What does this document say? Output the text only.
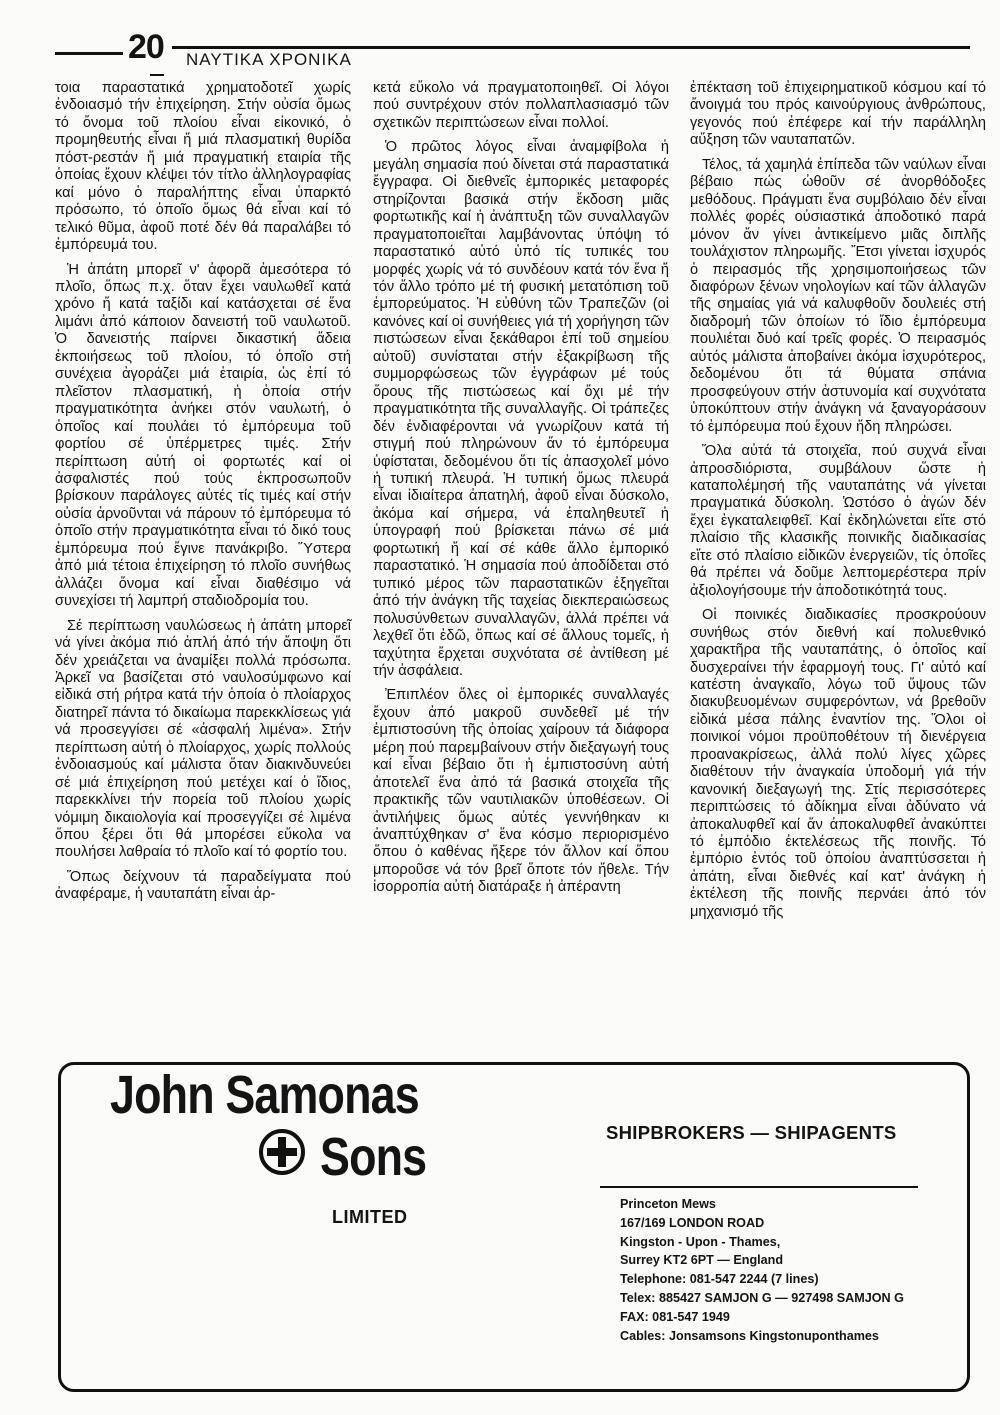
20 ΝΑΥΤΙΚΑ ΧΡΟΝΙΚΑ

τοια παραστατικά χρηματοδοτεῖ χωρίς ἐνδοιασμό τήν ἐπιχείρηση. Στήν οὐσία ὅμως τό ὄνομα τοῦ πλοίου εἶναι εἰκονικό, ὁ προμηθευτής εἶναι ἤ μιά πλασματική θυρίδα πόστ-ρεστάν ἤ μιά πραγματική εταιρία τῆς ὁποίας ἔχουν κλέψει τόν τίτλο ἀλληλογραφίας καί μόνο ὁ παραλήπτης εἶναι ὑπαρκτό πρόσωπο, τό ὁποῖο ὅμως θά εἶναι καί τό τελικό θῦμα, ἀφοῦ ποτέ δέν θά παραλάβει τό ἐμπόρευμά του.

Ἡ ἀπάτη μπορεῖ ν' ἀφορᾶ ἀμεσότερα τό πλοῖο, ὅπως π.χ. ὅταν ἔχει ναυλωθεῖ κατά χρόνο ἤ κατά ταξίδι καί κατάσχεται σέ ἕνα λιμάνι ἀπό κάποιον δανειστή τοῦ ναυλωτοῦ. Ὁ δανειστής παίρνει δικαστική ἄδεια ἐκποιήσεως τοῦ πλοίου, τό ὁποῖο στή συνέχεια ἀγοράζει μιά ἑταιρία, ὡς ἐπί τό πλεῖστον πλασματική, ἡ ὁποία στήν πραγματικότητα ἀνήκει στόν ναυλωτή, ὁ ὁποῖος καί πουλάει τό ἐμπόρευμα τοῦ φορτίου σέ ὑπέρμετρες τιμές. Στήν περίπτωση αὐτή οἱ φορτωτές καί οἱ ἀσφαλιστές πού τούς ἐκπροσωποῦν βρίσκουν παράλογες αὐτές τίς τιμές καί στήν οὐσία ἀρνοῦνται νά πάρουν τό ἐμπόρευμα τό ὁποῖο στήν πραγματικότητα εἶναι τό δικό τους ἐμπόρευμα πού ἔγινε πανάκριβο. Ὕστερα ἀπό μιά τέτοια ἐπιχείρηση τό πλοῖο συνήθως ἀλλάζει ὄνομα καί εἶναι διαθέσιμο νά συνεχίσει τή λαμπρή σταδιοδρομία του.

Σέ περίπτωση ναυλώσεως ἡ ἀπάτη μπορεῖ νά γίνει ἀκόμα πιό ἁπλή ἀπό τήν ἄποψη ὅτι δέν χρειάζεται να ἀναμίξει πολλά πρόσωπα. Ἀρκεῖ να βασίζεται στό ναυλοσύμφωνο καί εἰδικά στή ρήτρα κατά τήν ὁποία ὁ πλοίαρχος διατηρεῖ πάντα τό δικαίωμα παρεκκλίσεως γιά νά προσεγγίσει σέ «ἀσφαλή λιμένα». Στήν περίπτωση αὐτή ὁ πλοίαρχος, χωρίς πολλούς ἐνδοιασμούς καί μάλιστα ὅταν διακινδυνεύει σέ μιά ἐπιχείρηση πού μετέχει καί ὁ ἴδιος, παρεκκλίνει τήν πορεία τοῦ πλοίου χωρίς νόμιμη δικαιολογία καί προσεγγίζει σέ λιμένα ὅπου ξέρει ὅτι θά μπορέσει εὔκολα να πουλήσει λαθραία τό πλοῖο καί τό φορτίο του.

Ὅπως δείχνουν τά παραδείγματα πού ἀναφέραμε, ἡ ναυταπάτη εἶναι ἀρ-

κετά εὔκολο νά πραγματοποιηθεῖ. Οἱ λόγοι πού συντρέχουν στόν πολλαπλασιασμό τῶν σχετικῶν περιπτώσεων εἶναι πολλοί.

Ὁ πρῶτος λόγος εἶναι ἀναμφίβολα ἡ μεγάλη σημασία πού δίνεται στά παραστατικά ἔγγραφα. Οἱ διεθνεῖς ἐμπορικές μεταφορές στηρίζονται βασικά στήν ἔκδοση μιᾶς φορτωτικῆς καί ἡ ἀνάπτυξη τῶν συναλλαγῶν πραγματοποιεῖται λαμβάνοντας ὑπόψη τό παραστατικό αὐτό ὑπό τίς τυπικές του μορφές χωρίς νά τό συνδέουν κατά τόν ἕνα ἤ τόν ἄλλο τρόπο μέ τή φυσική μετατόπιση τοῦ ἐμπορεύματος. Ἡ εὐθύνη τῶν Τραπεζῶν (οἱ κανόνες καί οἱ συνήθειες γιά τή χορήγηση τῶν πιστώσεων εἶναι ξεκάθαροι ἐπί τοῦ σημείου αὐτοῦ) συνίσταται στήν ἐξακρίβωση τῆς συμμορφώσεως τῶν ἐγγράφων μέ τούς ὅρους τῆς πιστώσεως καί ὄχι μέ τήν πραγματικότητα τῆς συναλλαγῆς. Οἱ τράπεζες δέν ἐνδιαφέρονται νά γνωρίζουν κατά τή στιγμή πού πληρώνουν ἄν τό ἐμπόρευμα ὑφίσταται, δεδομένου ὅτι τίς ἀπασχολεῖ μόνο ἡ τυπική πλευρά. Ἡ τυπική ὅμως πλευρά εἶναι ἰδιαίτερα ἀπατηλή, ἀφοῦ εἶναι δύσκολο, ἀκόμα καί σήμερα, νά ἐπαληθευτεῖ ἡ ὑπογραφή πού βρίσκεται πάνω σέ μιά φορτωτική ἤ καί σέ κάθε ἄλλο ἐμπορικό παραστατικό. Ἡ σημασία πού ἀποδίδεται στό τυπικό μέρος τῶν παραστατικῶν ἐξηγεῖται ἀπό τήν ἀνάγκη τῆς ταχείας διεκπεραιώσεως πολυσύνθετων συναλλαγῶν, ἀλλά πρέπει νά λεχθεῖ ὅτι ἐδῶ, ὅπως καί σέ ἄλλους τομεῖς, ἡ ταχύτητα ἔρχεται συχνότατα σέ ἀντίθεση μέ τήν ἀσφάλεια.

Ἐπιπλέον ὅλες οἱ ἐμπορικές συναλλαγές ἔχουν ἀπό μακροῦ συνδεθεῖ μέ τήν ἐμπιστοσύνη τῆς ὁποίας χαίρουν τά διάφορα μέρη πού παρεμβαίνουν στήν διεξαγωγή τους καί εἶναι βέβαιο ὅτι ἡ ἐμπιστοσύνη αὐτή ἀποτελεῖ ἕνα ἀπό τά βασικά στοιχεῖα τῆς πρακτικῆς τῶν ναυτιλιακῶν ὑποθέσεων. Οἱ ἀντιλήψεις ὅμως αὐτές γεννήθηκαν κι ἀναπτύχθηκαν σ' ἕνα κόσμο περιορισμένο ὅπου ὁ καθένας ἤξερε τόν ἄλλον καί ὅπου μπορoῦσε νά τόν βρεῖ ὅποτε τόν ἤθελε. Τήν ἰσορροπία αὐτή διατάραξε ἡ ἀπέραντη

ἐπέκταση τοῦ ἐπιχειρηματικοῦ κόσμου καί τό ἄνοιγμά του πρός καινούργιους ἀνθρώπους, γεγονός πού ἐπέφερε καί τήν παράλληλη αὔξηση τῶν ναυταπατῶν.

Τέλος, τά χαμηλά ἐπίπεδα τῶν ναύλων εἶναι βέβαιο πώς ὠθοῦν σέ ἀνορθόδοξες μεθόδους. Πράγματι ἕνα συμβόλαιο δέν εἶναι πολλές φορές οὐσιαστικά ἀποδοτικό παρά μόνον ἄν γίνει ἀντικείμενο μιᾶς διπλῆς τουλάχιστον πληρωμῆς. Ἔτσι γίνεται ἰσχυρός ὁ πειρασμός τῆς χρησιμοποιήσεως τῶν διαφόρων ξένων νηολογίων καί τῶν ἀλλαγῶν τῆς σημαίας γιά νά καλυφθοῦν δουλειές στή διαδρομή τῶν ὁποίων τό ἴδιο ἐμπόρευμα πουλιέται δυό καί τρεῖς φορές. Ὁ πειρασμός αὐτός μάλιστα ἀποβαίνει ἀκόμα ἰσχυρότερος, δεδομένου ὅτι τά θύματα σπάνια προσφεύγουν στήν ἀστυνομία καί συχνότατα ὑποκύπτουν στήν ἀνάγκη νά ξαναγοράσουν τό ἐμπόρευμα πού ἔχουν ἤδη πληρώσει.

Ὅλα αὐτά τά στοιχεῖα, πού συχνά εἶναι ἀπροσδιόριστα, συμβάλουν ὥστε ἡ καταπολέμησή τῆς ναυταπάτης νά γίνεται πραγματικά δύσκολη. Ὡστόσο ὁ ἀγών δέν ἔχει ἐγκαταλειφθεῖ. Καί ἐκδηλώνεται εἴτε στό πλαίσιο τῆς κλασικῆς ποινικῆς διαδικασίας εἴτε στό πλαίσιο εἰδικῶν ἐνεργειῶν, τίς ὁποῖες θά πρέπει νά δοῦμε λεπτομερέστερα πρίν ἀξιολογήσουμε τήν ἀποδοτικότητά τους.

Οἱ ποινικές διαδικασίες προσκρούουν συνήθως στόν διεθνή καί πολυεθνικό χαρακτῆρα τῆς ναυταπάτης, ὁ ὁποῖος καί δυσχεραίνει τήν ἐφαρμογή τους. Γι' αὐτό καί κατέστη ἀναγκαῖο, λόγω τοῦ ὕψους τῶν διακυβευομένων συμφερόντων, νά βρεθοῦν εἰδικά μέσα πάλης ἐναντίον της. Ὅλοι οἱ ποινικοί νόμοι προϋποθέτουν τή διενέργεια προανακρίσεως, ἀλλά πολύ λίγες χῶρες διαθέτουν τήν ἀναγκαία ὑποδομή γιά τήν κανονική διεξαγωγή της. Στίς περισσότερες περιπτώσεις τό ἀδίκημα εἶναι ἀδύνατο νά ἀποκαλυφθεῖ καί ἄν ἀποκαλυφθεῖ ἀνακύπτει τό ἐμπόδιο ἐκτελέσεως τῆς ποινῆς. Τό ἐμπόριο ἐντός τοῦ ὁποίου ἀναπτύσσεται ἡ ἀπάτη, εἶναι διεθνές καί κατ' ἀνάγκη ἡ ἐκτέλεση τῆς ποινῆς περνάει ἀπό τόν μηχανισμό τῆς

John Samonas
Sons
LIMITED
SHIPBROKERS — SHIPAGENTS
Princeton Mews
167/169 LONDON ROAD
Kingston - Upon - Thames,
Surrey KT2 6PT — England
Telephone: 081-547 2244 (7 lines)
Telex: 885427 SAMJON G — 927498 SAMJON G
FAX: 081-547 1949
Cables: Jonsamsons Kingstonuponthames
